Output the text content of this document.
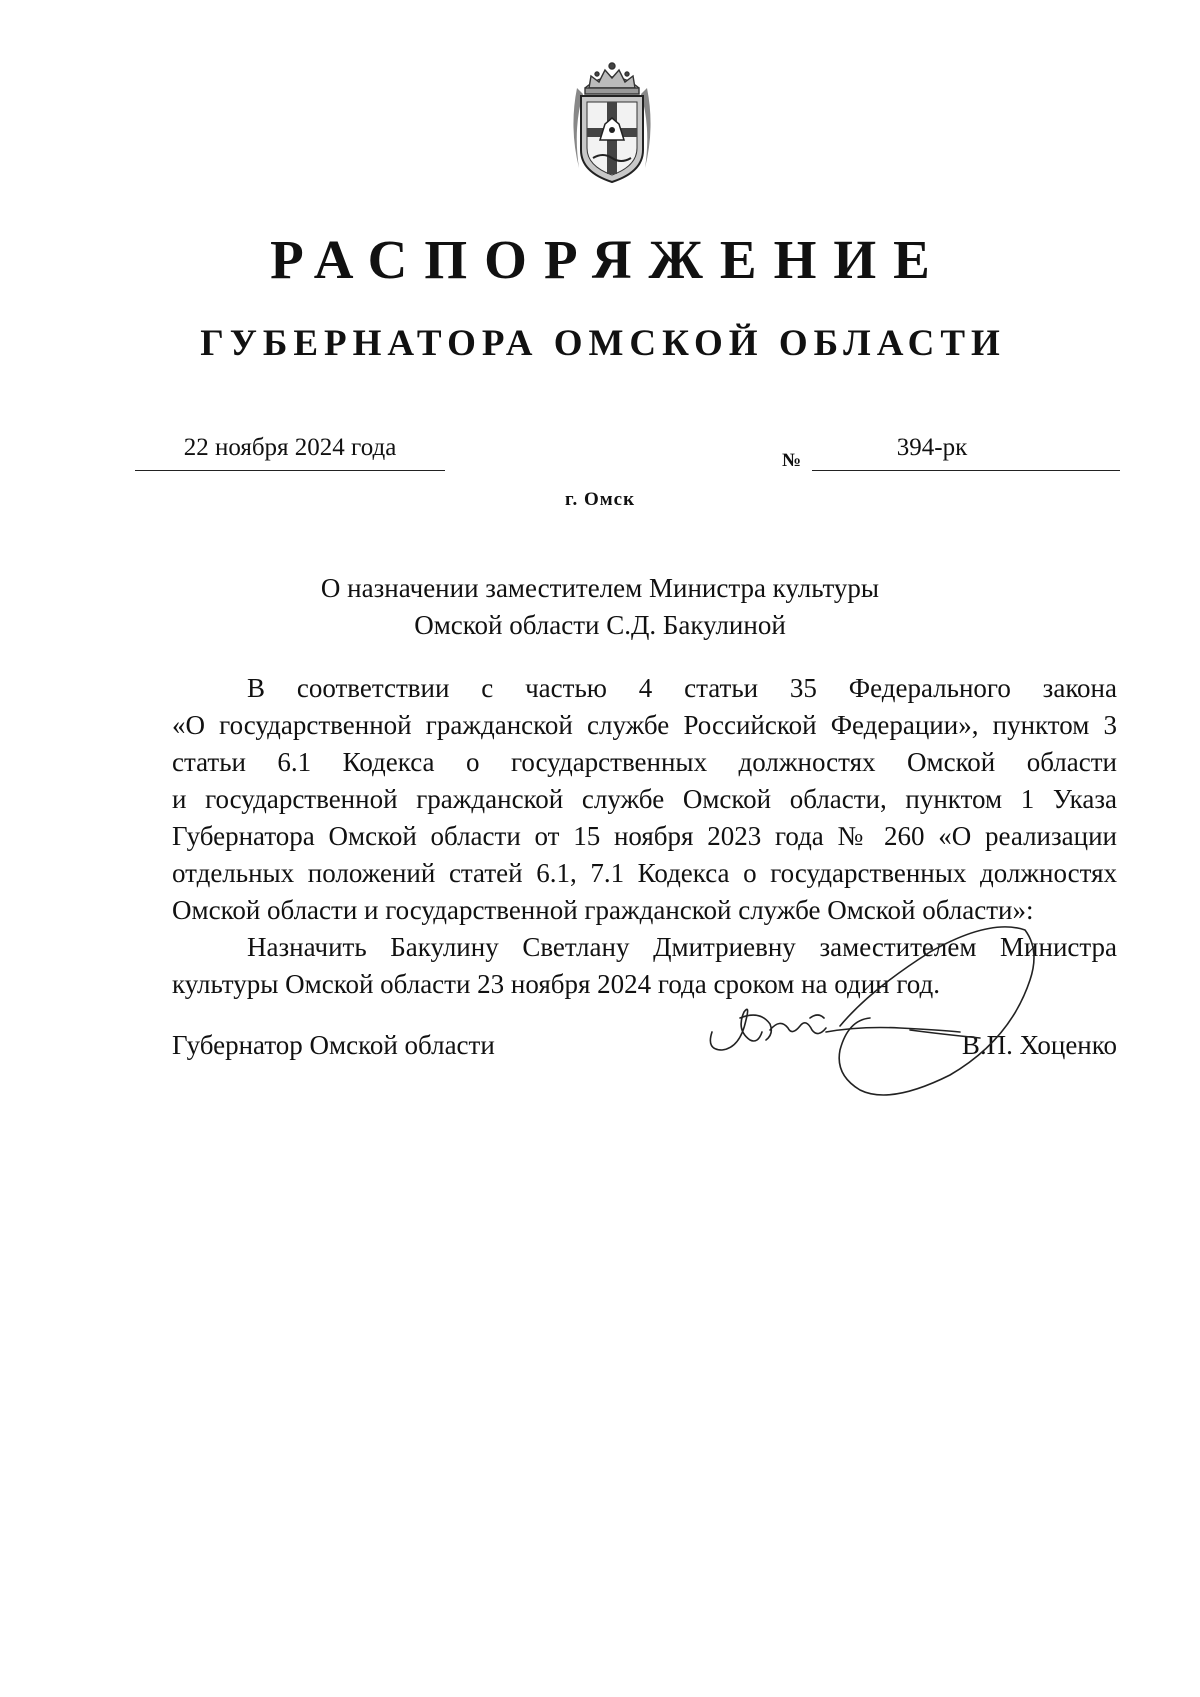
РАСПОРЯЖЕНИЕ
ГУБЕРНАТОРА ОМСКОЙ ОБЛАСТИ
22 ноября 2024 года	№	394-рк
г. Омск
О назначении заместителем Министра культуры
Омской области С.Д. Бакулиной
В соответствии с частью 4 статьи 35 Федерального закона
«О государственной гражданской службе Российской Федерации», пунктом 3
статьи 6.1 Кодекса о государственных должностях Омской области
и государственной гражданской службе Омской области, пунктом 1 Указа
Губернатора Омской области от 15 ноября 2023 года № 260 «О реализации
отдельных положений статей 6.1, 7.1 Кодекса о государственных должностях
Омской области и государственной гражданской службе Омской области»:
Назначить Бакулину Светлану Дмитриевну заместителем Министра
культуры Омской области 23 ноября 2024 года сроком на один год.
Губернатор Омской области	В.П. Хоценко
